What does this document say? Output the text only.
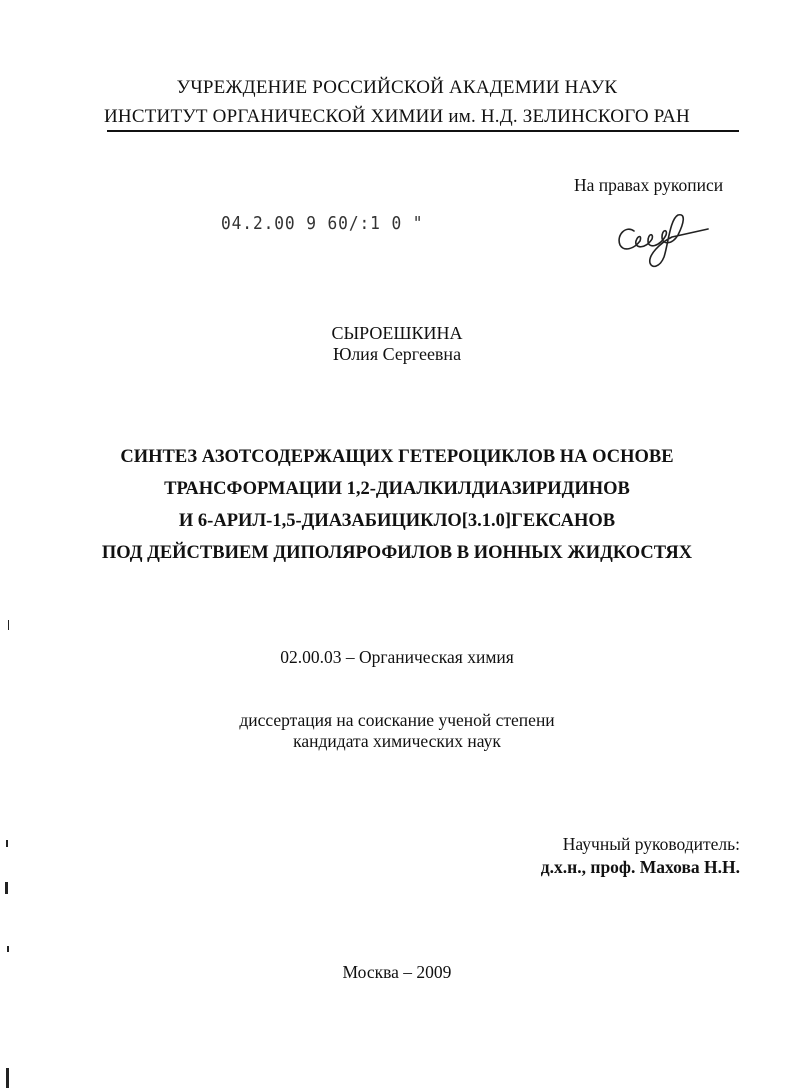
УЧРЕЖДЕНИЕ РОССИЙСКОЙ АКАДЕМИИ НАУК
ИНСТИТУТ ОРГАНИЧЕСКОЙ ХИМИИ им. Н.Д. ЗЕЛИНСКОГО РАН
На правах рукописи
04.2.00 9 60/:1 0 "
СЫРОЕШКИНА
Юлия Сергеевна
СИНТЕЗ АЗОТСОДЕРЖАЩИХ ГЕТЕРОЦИКЛОВ НА ОСНОВЕ
ТРАНСФОРМАЦИИ 1,2-ДИАЛКИЛДИАЗИРИДИНОВ
И 6-АРИЛ-1,5-ДИАЗАБИЦИКЛО[3.1.0]ГЕКСАНОВ
ПОД ДЕЙСТВИЕМ ДИПОЛЯРОФИЛОВ В ИОННЫХ ЖИДКОСТЯХ
02.00.03 – Органическая химия
диссертация на соискание ученой степени
кандидата химических наук
Научный руководитель:
д.х.н., проф. Махова Н.Н.
Москва – 2009
